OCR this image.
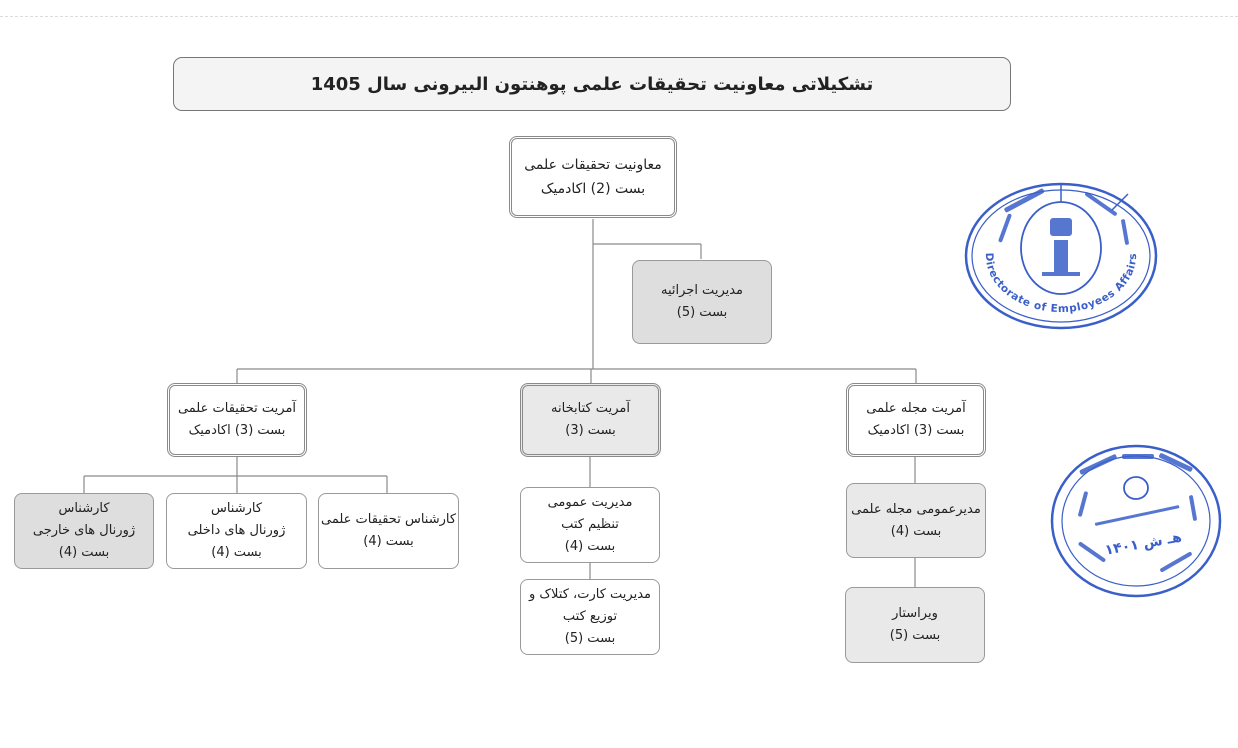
تشکیلاتی معاونیت تحقیقات علمی پوهنتون البیرونی سال 1405
معاونیت تحقیقات علمی
بست (2) اکادمیک
مدیریت اجرائیه
بست (5)
آمریت تحقیقات علمی
بست (3) اکادمیک
آمریت کتابخانه
بست (3)
آمریت مجله علمی
بست (3) اکادمیک
کارشناس
ژورنال های خارجی
بست (4)
کارشناس
ژورنال های داخلی
بست (4)
کارشناس تحقیقات علمی
بست (4)
مدیریت عمومی
تنظیم کتب
بست (4)
مدیریت کارت، کتلاک و
توزیع کتب
بست (5)
مدیرعمومی مجله علمی
بست (4)
ویراستار
بست (5)
Directorate of Employees Affairs
۱۴۰۱ هـ ش
